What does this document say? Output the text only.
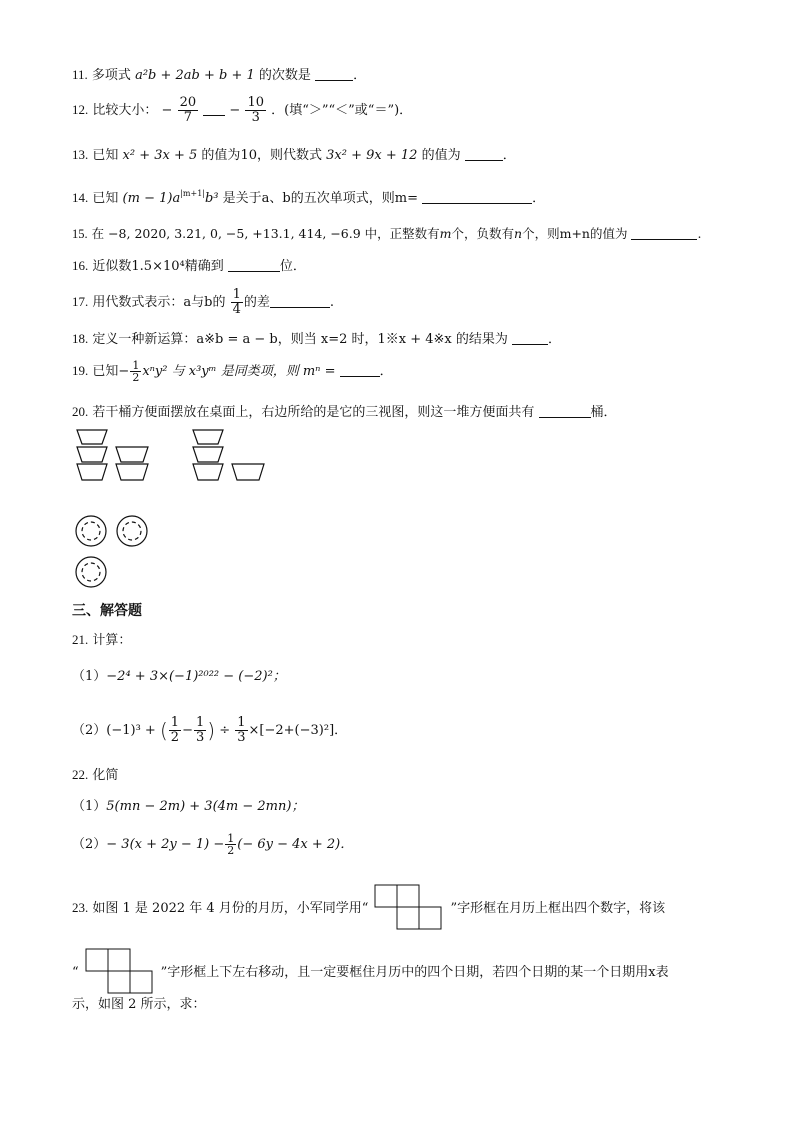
11. 多项式 a²b + 2ab + b + 1 的次数是	．
12. 比较大小： − $\frac{20}{7} - \frac{10}{3}$ ．(填“＞”“＜”或“＝”)．
13. 已知 x² + 3x + 5 的值为10，则代数式 3x² + 9x + 12 的值为	．
14. 已知 $(m - 1)a^{|m+1|}b^3$ 是关于a、b的五次单项式，则m=	．
15. 在 −8, 2020, 3.21, 0, −5, +13.1, 414, −6.9 中，正整数有m个，负数有n个，则m+n的值为	.
16. 近似数1.5×10⁴精确到	位．
17. 用代数式表示：a与b的 $\frac{1}{4}$ 的差	.
18. 定义一种新运算：a※b = a − b，则当 x=2 时，1※x + 4※x 的结果为	．
19. 已知− $\frac{1}{2} x^ny^2$ 与 x³yᵐ 是同类项，则 mⁿ =	．
20. 若干桶方便面摆放在桌面上，右边所给的是它的三视图，则这一堆方便面共有	桶．
三、解答题
21. 计算：
（1）−2⁴ + 3×(−1)²⁰²² − (−2)²；
（2）(−1)³ + ( $\frac{1}{2} - \frac{1}{3}$ ) ÷ $\frac{1}{3} \times[-2+(-3)^2]$．
22. 化简
（1）5(mn − 2m) + 3(4m − 2mn)；
$(2)- 3(x + 2y - 1) - \frac{1}{2}$ (− 6y − 4x + 2)．
23. 如图 1 是 2022 年 4 月份的月历，小军同学用“	”字形框在月历上框出四个数字，将该
“	”字形框上下左右移动，且一定要框住月历中的四个日期，若四个日期的某一个日期用x表
示，如图 2 所示，求：
